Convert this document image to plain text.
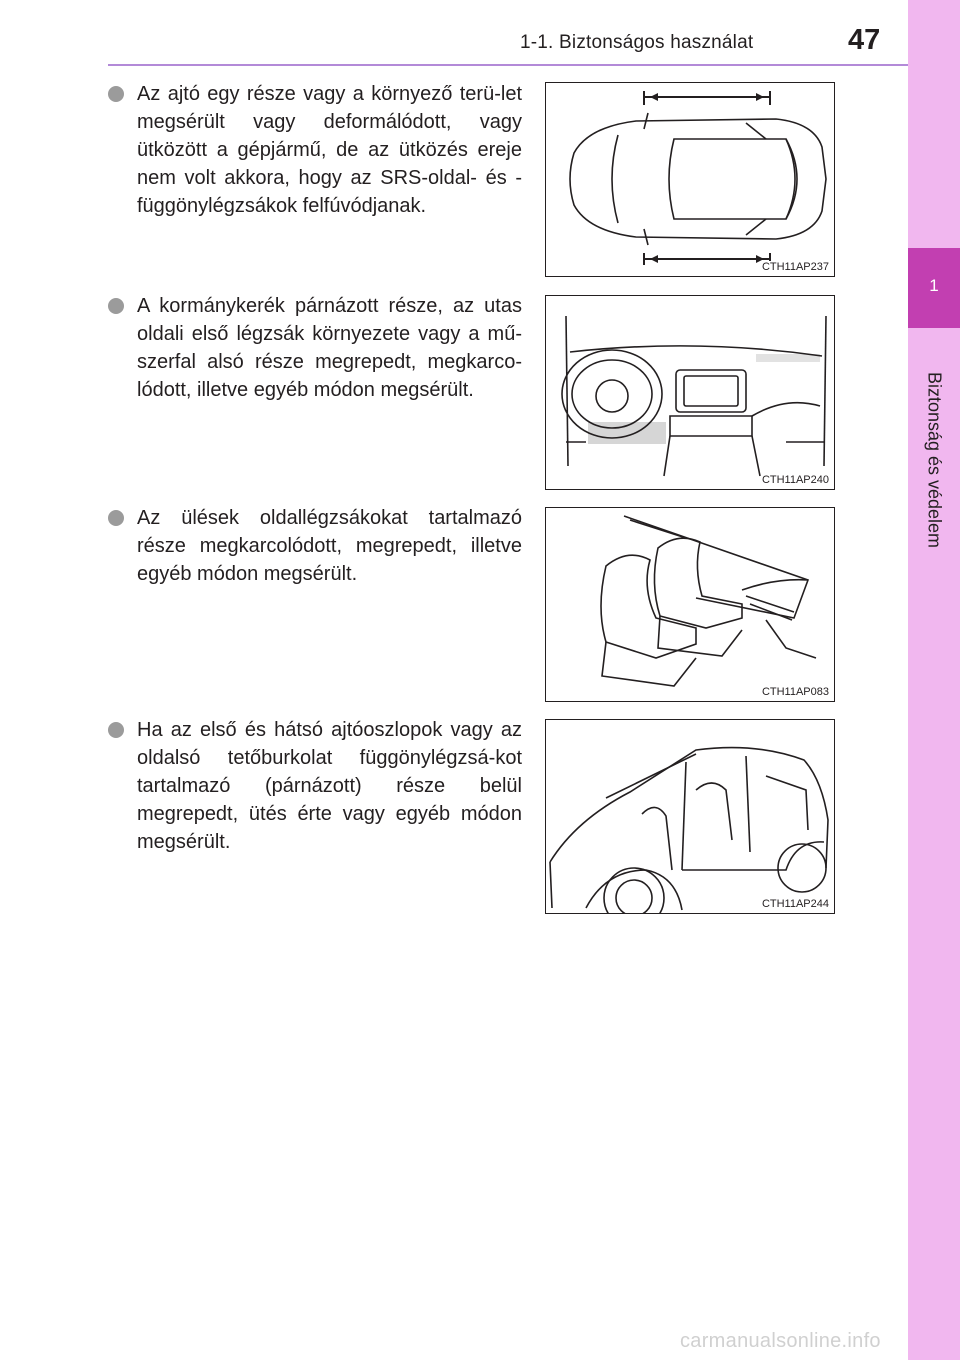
1-1. Biztonságos használat	47
1
Biztonság és védelem

Az ajtó egy része vagy a környező terü-let megsérült vagy deformálódott, vagy ütközött a gépjármű, de az ütközés ereje nem volt akkora, hogy az SRS-oldal- és -függönylégzsákok felfúvódjanak.

CTH11AP237

A kormánykerék párnázott része, az utas oldali első légzsák környezete vagy a mű-szerfal alsó része megrepedt, megkarco-lódott, illetve egyéb módon megsérült.

CTH11AP240

Az ülések oldallégzsákokat tartalmazó része megkarcolódott, megrepedt, illetve egyéb módon megsérült.

CTH11AP083

Ha az első és hátsó ajtóoszlopok vagy az oldalsó tetőburkolat függönylégzsá-kot tartalmazó (párnázott) része belül megrepedt, ütés érte vagy egyéb módon megsérült.

CTH11AP244
carmanualsonline.info
